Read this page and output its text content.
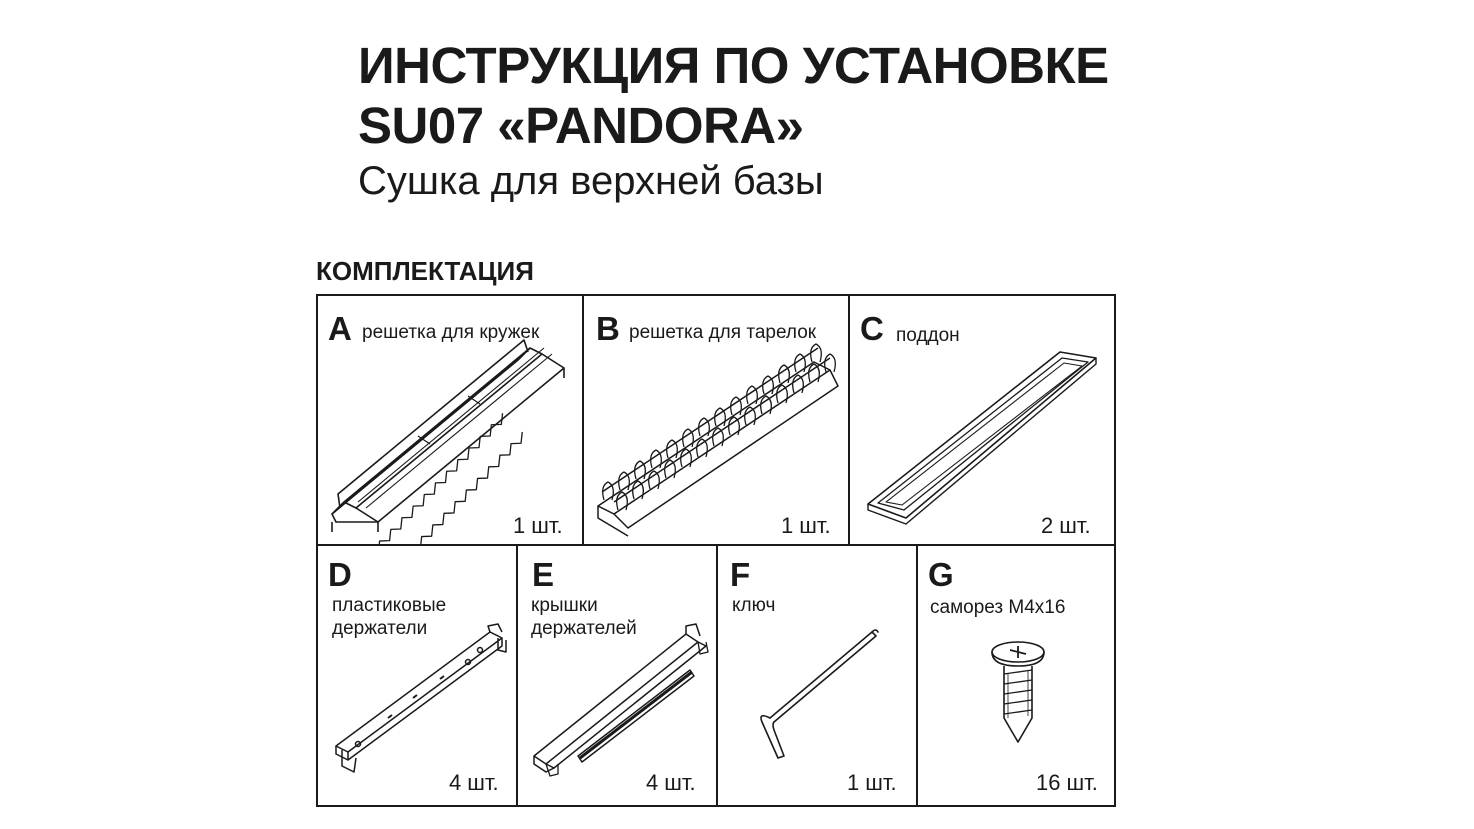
ИНСТРУКЦИЯ ПО УСТАНОВКЕ
SU07 «PANDORA»
Сушка для верхней базы
КОМПЛЕКТАЦИЯ
A решетка для кружек
1 шт.
B решетка для тарелок
1 шт.
C поддон
2 шт.
D
пластиковые
держатели
4 шт.
E
крышки
держателей
4 шт.
F
ключ
1 шт.
G
саморез М4х16
16 шт.
